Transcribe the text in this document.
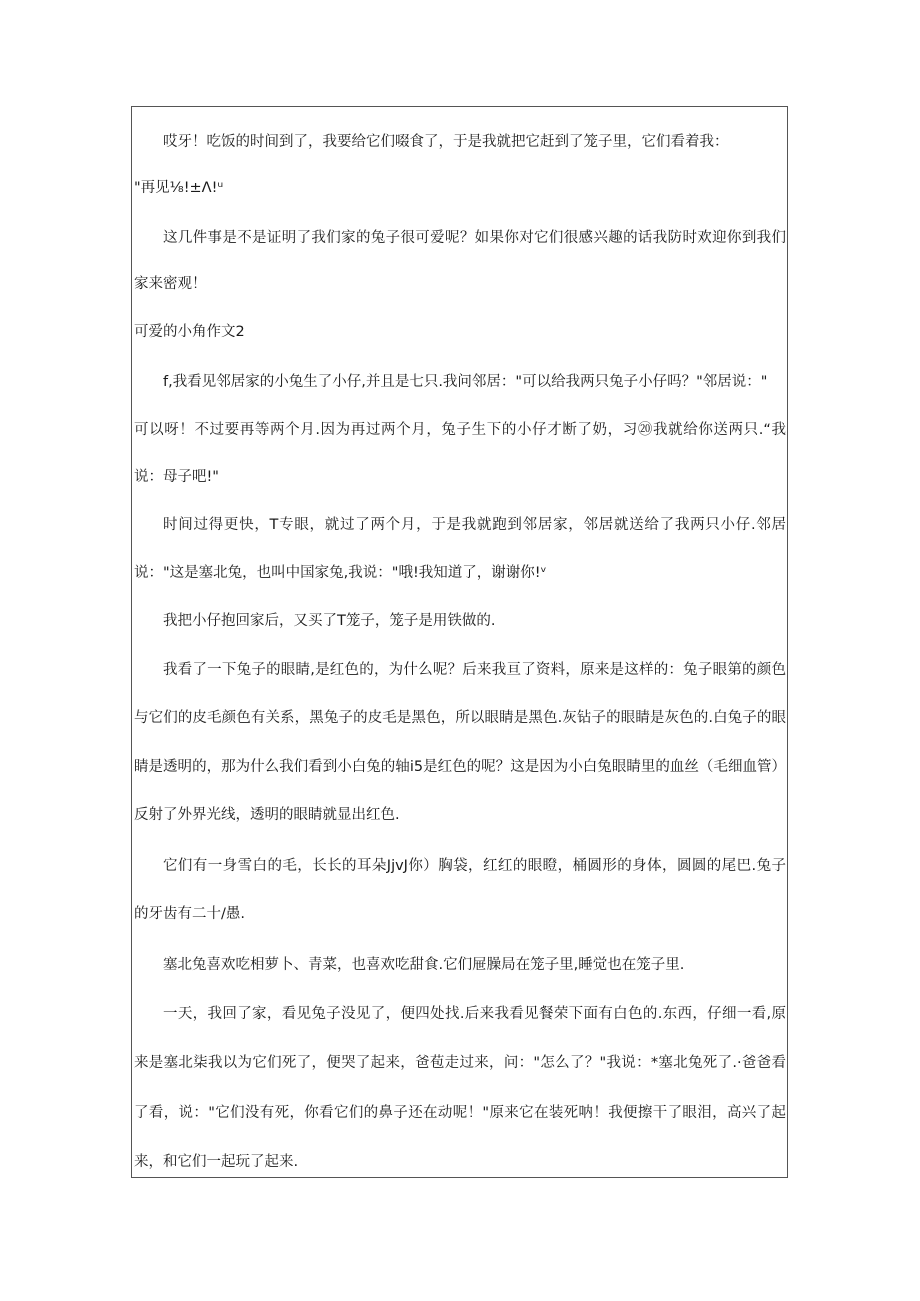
哎牙！吃饭的时间到了，我要给它们啜食了，于是我就把它赶到了笼子里，它们看着我：
"再见⅛!±Λ!ᵘ
这几件事是不是证明了我们家的兔子很可爱呢？如果你对它们很感兴趣的话我防时欢迎你到我们
家来密观！
可爱的小角作文2
f,我看见邻居家的小兔生了小仔,并且是七只.我问邻居："可以给我两只兔子小仔吗？"邻居说："
可以呀！不过要再等两个月.因为再过两个月，兔子生下的小仔才断了奶，习⑳我就给你送两只.“我
说：母子吧!"
时间过得更快，T专眼，就过了两个月，于是我就跑到邻居家，邻居就送给了我两只小仔.邻居
说："这是塞北兔，也叫中国家兔,我说："哦!我知道了，谢谢你!ᵛ
我把小仔抱回家后，又买了T笼子，笼子是用铁做的.
我看了一下兔子的眼睛,是红色的，为什么呢？后来我亘了资料，原来是这样的：兔子眼第的颜色
与它们的皮毛颜色有关系，黑兔子的皮毛是黑色，所以眼睛是黑色.灰钻子的眼睛是灰色的.白兔子的眼
睛是透明的，那为什么我们看到小白兔的轴i5是红色的呢？这是因为小白兔眼睛里的血丝（毛细血管）
反射了外界光线，透明的眼睛就显出红色.
它们有一身雪白的毛，长长的耳朵JjvJ你）胸袋，红红的眼瞪，桶圆形的身体，圆圆的尾巴.兔子
的牙齿有二十/愚.
塞北兔喜欢吃相萝卜、青菜，也喜欢吃甜食.它们屉臊局在笼子里,睡觉也在笼子里.
一天，我回了家，看见兔子没见了，便四处找.后来我看见餐荣下面有白色的.东西，仔细一看,原
来是塞北柒我以为它们死了，便哭了起来，爸苞走过来，问："怎么了？"我说：*塞北兔死了.·爸爸看
了看，说："它们没有死，你看它们的鼻子还在动呢！"原来它在装死呐！我便擦干了眼泪，高兴了起
来，和它们一起玩了起来.
